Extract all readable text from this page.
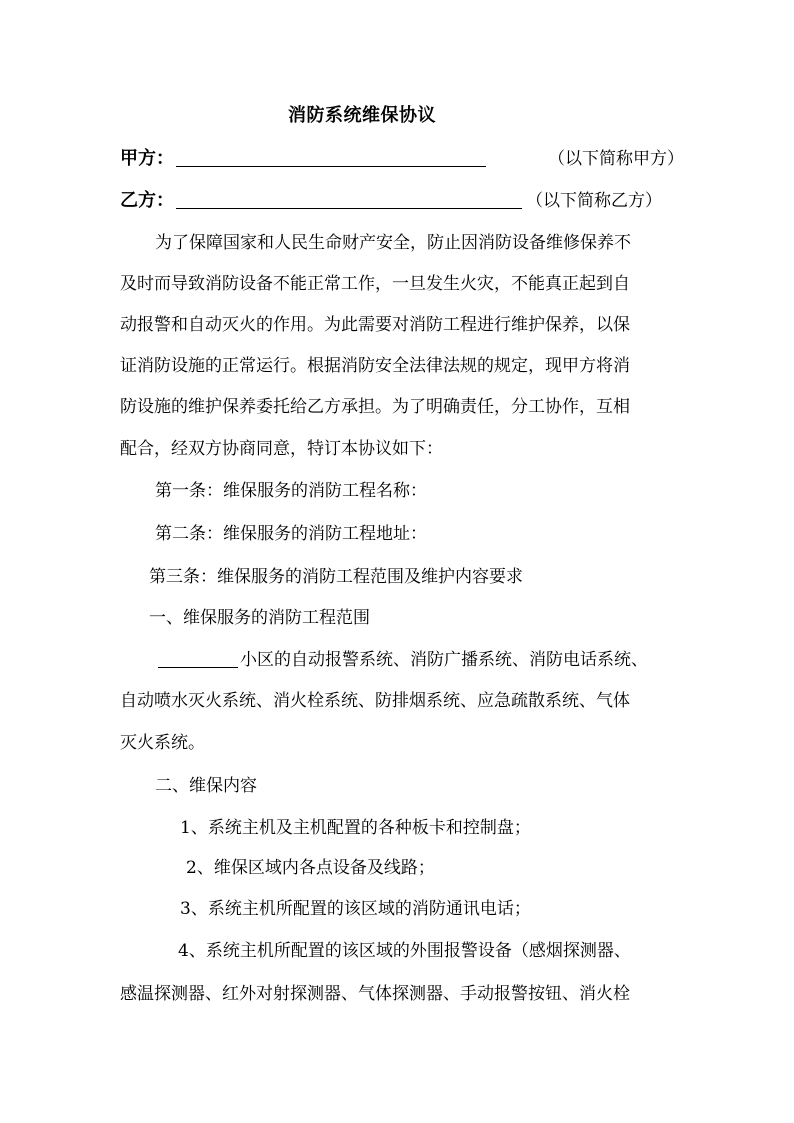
消防系统维保协议
甲方：	（以下简称甲方）
乙方：	（以下简称乙方）
为了保障国家和人民生命财产安全，防止因消防设备维修保养不
及时而导致消防设备不能正常工作，一旦发生火灾，不能真正起到自
动报警和自动灭火的作用。为此需要对消防工程进行维护保养，以保
证消防设施的正常运行。根据消防安全法律法规的规定，现甲方将消
防设施的维护保养委托给乙方承担。为了明确责任，分工协作，互相
配合，经双方协商同意，特订本协议如下：
第一条：维保服务的消防工程名称：
第二条：维保服务的消防工程地址：
第三条：维保服务的消防工程范围及维护内容要求
一、维保服务的消防工程范围
小区的自动报警系统、消防广播系统、消防电话系统、
自动喷水灭火系统、消火栓系统、防排烟系统、应急疏散系统、气体
灭火系统。
二、维保内容
1、系统主机及主机配置的各种板卡和控制盘；
2、维保区域内各点设备及线路；
3、系统主机所配置的该区域的消防通讯电话；
4、系统主机所配置的该区域的外围报警设备（感烟探测器、
感温探测器、红外对射探测器、气体探测器、手动报警按钮、消火栓
